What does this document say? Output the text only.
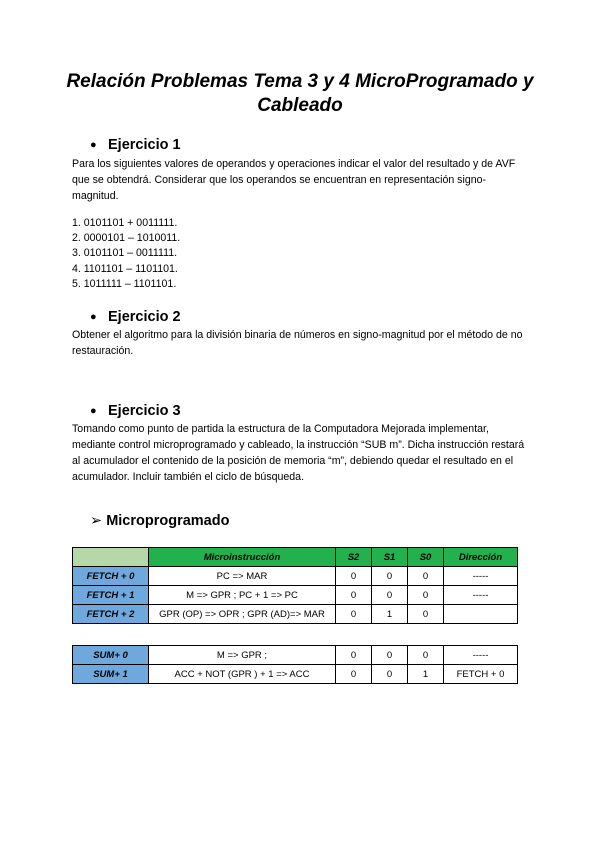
Relación Problemas Tema 3 y 4 MicroProgramado y Cableado
● Ejercicio 1
Para los siguientes valores de operandos y operaciones indicar el valor del resultado y de AVF que se obtendrá. Considerar que los operandos se encuentran en representación signo-magnitud.
1. 0101101 + 0011111.
2. 0000101 – 1010011.
3. 0101101 – 0011111.
4. 1101101 – 1101101.
5. 1011111 – 1101101.
● Ejercicio 2
Obtener el algoritmo para la división binaria de números en signo-magnitud por el método de no restauración.
● Ejercicio 3
Tomando como punto de partida la estructura de la Computadora Mejorada implementar, mediante control microprogramado y cableado, la instrucción “SUB m”. Dicha instrucción restará al acumulador el contenido de la posición de memoria “m”, debiendo quedar el resultado en el acumulador. Incluir también el ciclo de búsqueda.
➢ Microprogramado
	Microinstrucción	S2	S1	S0	Dirección
FETCH + 0	PC => MAR	0	0	0	-----
FETCH + 1	M => GPR ; PC + 1 => PC	0	0	0	-----
FETCH + 2	GPR (OP) => OPR ; GPR (AD)=> MAR	0	1	0	
SUM+ 0	M => GPR ;	0	0	0	-----
SUM+ 1	ACC + NOT (GPR ) + 1 => ACC	0	0	1	FETCH + 0
